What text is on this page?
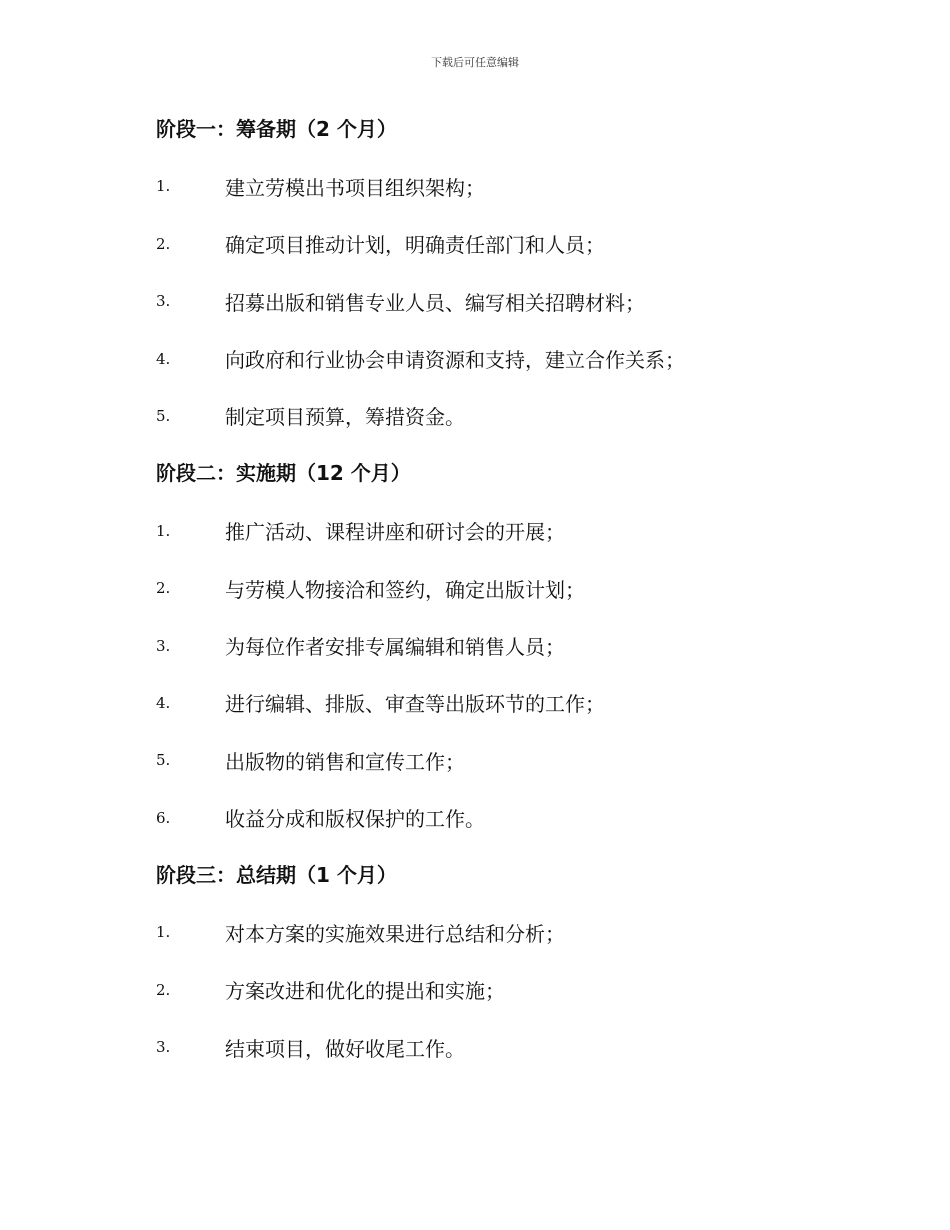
下载后可任意编辑
阶段一：筹备期（2 个月）
1.	建立劳模出书项目组织架构；
2.	确定项目推动计划，明确责任部门和人员；
3.	招募出版和销售专业人员、编写相关招聘材料；
4.	向政府和行业协会申请资源和支持，建立合作关系；
5.	制定项目预算，筹措资金。
阶段二：实施期（12 个月）
1.	推广活动、课程讲座和研讨会的开展；
2.	与劳模人物接洽和签约，确定出版计划；
3.	为每位作者安排专属编辑和销售人员；
4.	进行编辑、排版、审查等出版环节的工作；
5.	出版物的销售和宣传工作；
6.	收益分成和版权保护的工作。
阶段三：总结期（1 个月）
1.	对本方案的实施效果进行总结和分析；
2.	方案改进和优化的提出和实施；
3.	结束项目，做好收尾工作。
